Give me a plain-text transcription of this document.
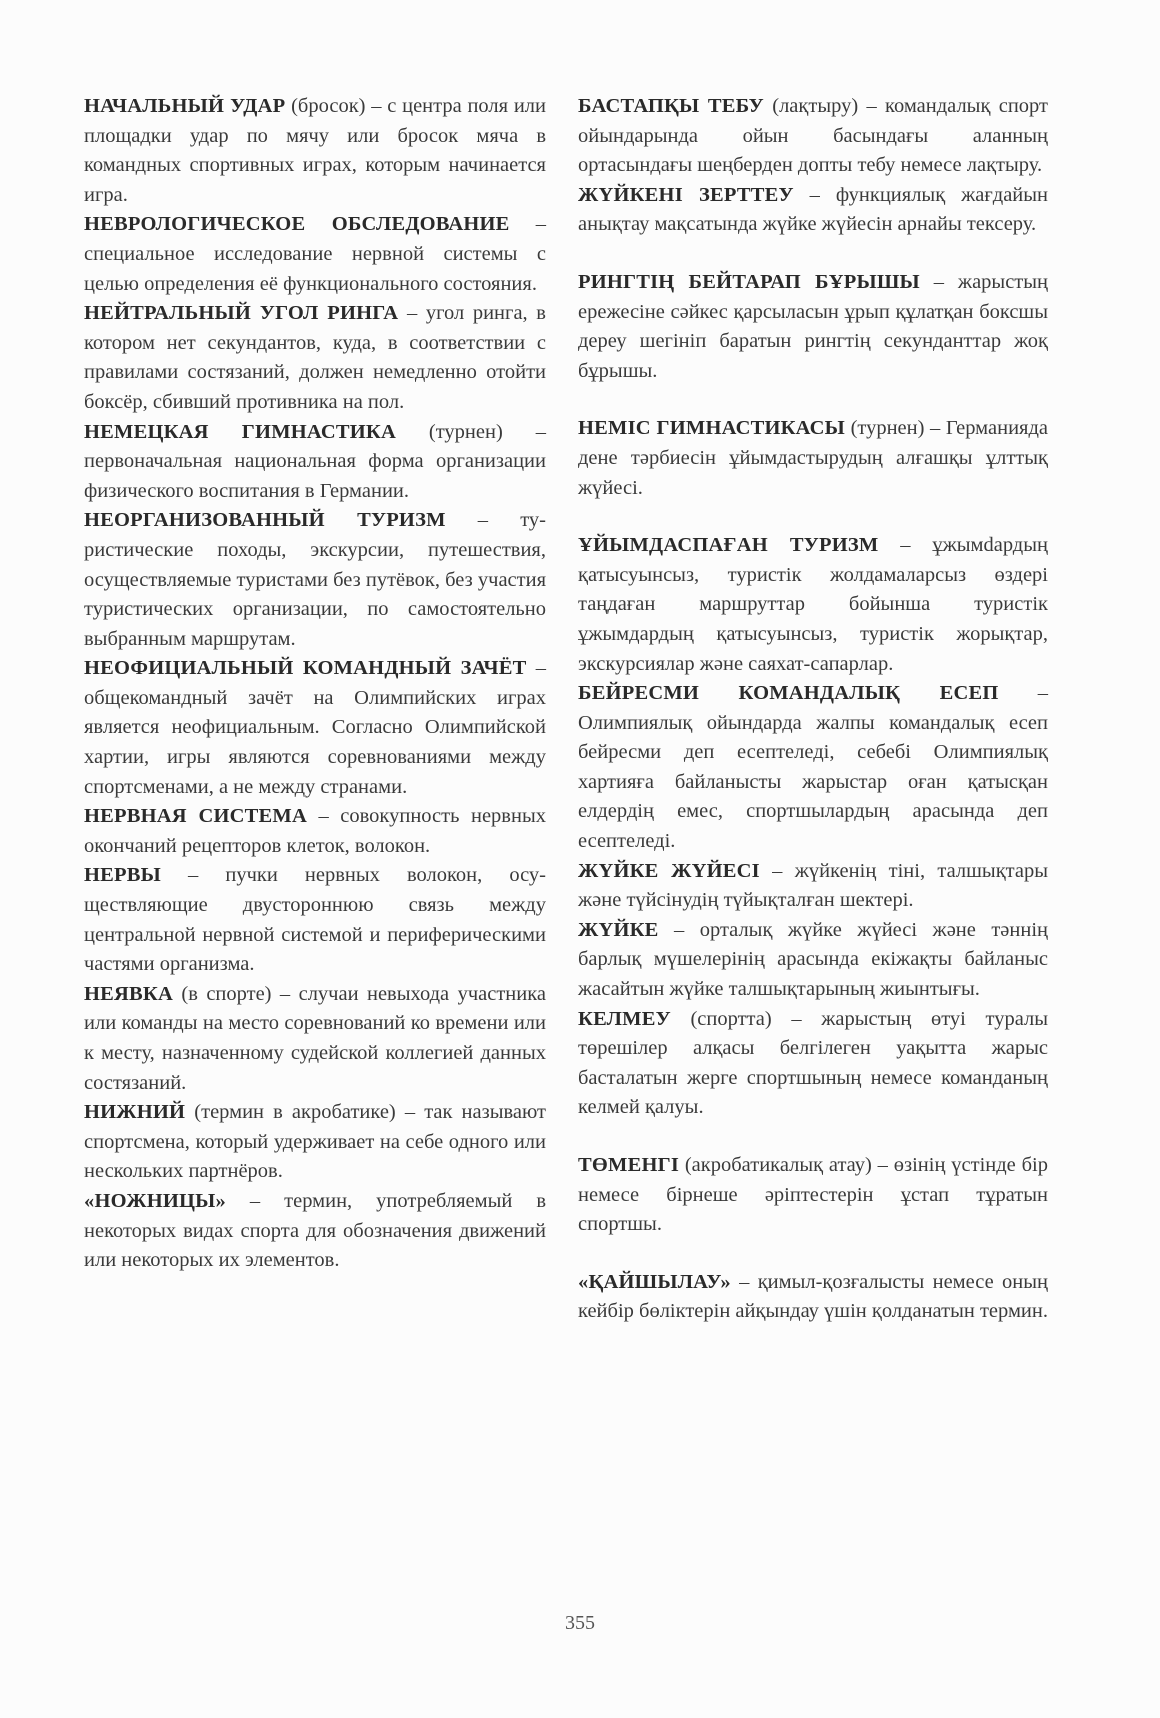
НАЧАЛЬНЫЙ УДАР (бросок) – с центра поля или площадки удар по мячу или бросок мяча в командных спортивных играх, которым начинается игра.

НЕВРОЛОГИЧЕСКОЕ ОБСЛЕДОВАНИЕ – специальное исследование нервной системы с целью определения её функционального состояния.

НЕЙТРАЛЬНЫЙ УГОЛ РИНГА – угол ринга, в котором нет секундантов, куда, в соответствии с правилами состязаний, должен немедленно отойти боксёр, сбивший противника на пол.

НЕМЕЦКАЯ ГИМНАСТИКА (турнен) – первоначальная национальная форма организации физического воспитания в Германии.

НЕОРГАНИЗОВАННЫЙ ТУРИЗМ – туристические походы, экскурсии, путешествия, осуществляемые туристами без путёвок, без участия туристических организации, по самостоятельно выбранным маршрутам.

НЕОФИЦИАЛЬНЫЙ КОМАНДНЫЙ ЗАЧЁТ – общекомандный зачёт на Олимпийских играх является неофициальным. Согласно Олимпийской хартии, игры являются соревнованиями между спортсменами, а не между странами.

НЕРВНАЯ СИСТЕМА – совокупность нервных окончаний рецепторов клеток, волокон.

НЕРВЫ – пучки нервных волокон, осуществляющие двустороннюю связь между центральной нервной системой и периферическими частями организма.

НЕЯВКА (в спорте) – случаи невыхода участника или команды на место соревнований ко времени или к месту, назначенному судейской коллегией данных состязаний.

НИЖНИЙ (термин в акробатике) – так называют спортсмена, который удерживает на себе одного или нескольких партнёров.

«НОЖНИЦЫ» – термин, употребляемый в некоторых видах спорта для обозначения движений или некоторых их элементов.

БАСТАПҚЫ ТЕБУ (лақтыру) – командалық спорт ойындарында ойын басындағы аланның ортасындағы шеңберден допты тебу немесе лақтыру.

ЖҮЙКЕНІ ЗЕРТТЕУ – функциялық жағдайын анықтау мақсатында жүйке жүйесін арнайы тексеру.

РИНГТІҢ БЕЙТАРАП БҰРЫШЫ – жарыстың ережесіне сәйкес қарсыласын ұрып құлатқан боксшы дереу шегініп баратын рингтің секунданттар жоқ бұрышы.

НЕМІС ГИМНАСТИКАСЫ (турнен) – Германияда дене тәрбиесін ұйымдастырудың алғашқы ұлттық жүйесі.

ҰЙЫМДАСПАҒАН ТУРИЗМ – ұжымdардың қатысуынсыз, туристік жолдамаларсыз өздері таңдаған маршруттар бойынша туристік ұжымдардың қатысуынсыз, туристік жорықтар, экскурсиялар және саяхат-сапарлар.

БЕЙРЕСМИ КОМАНДАЛЫҚ ЕСЕП – Олимпиялық ойындарда жалпы командалық есеп бейресми деп есептеледі, себебі Олимпиялық хартияға байланысты жарыстар оған қатысқан елдердің емес, спортшылардың арасында деп есептеледі.

ЖҮЙКЕ ЖҮЙЕСІ – жүйкенің тіні, талшықтары және түйсінудің түйықталған шектері.

ЖҮЙКЕ – орталық жүйке жүйесі және тәннің барлық мүшелерінің арасында екіжақты байланыс жасайтын жүйке талшықтарының жиынтығы.

КЕЛМЕУ (спортта) – жарыстың өтуі туралы төрешілер алқасы белгілеген уақытта жарыс басталатын жерге спортшының немесе команданың келмей қалуы.

ТӨМЕНГІ (акробатикалық атау) – өзінің үстінде бір немесе бірнеше әріптестерін ұстап тұратын спортшы.

«ҚАЙШЫЛАУ» – қимыл-қозғалысты немесе оның кейбір бөліктерін айқындау үшін қолданатын термин.

355
